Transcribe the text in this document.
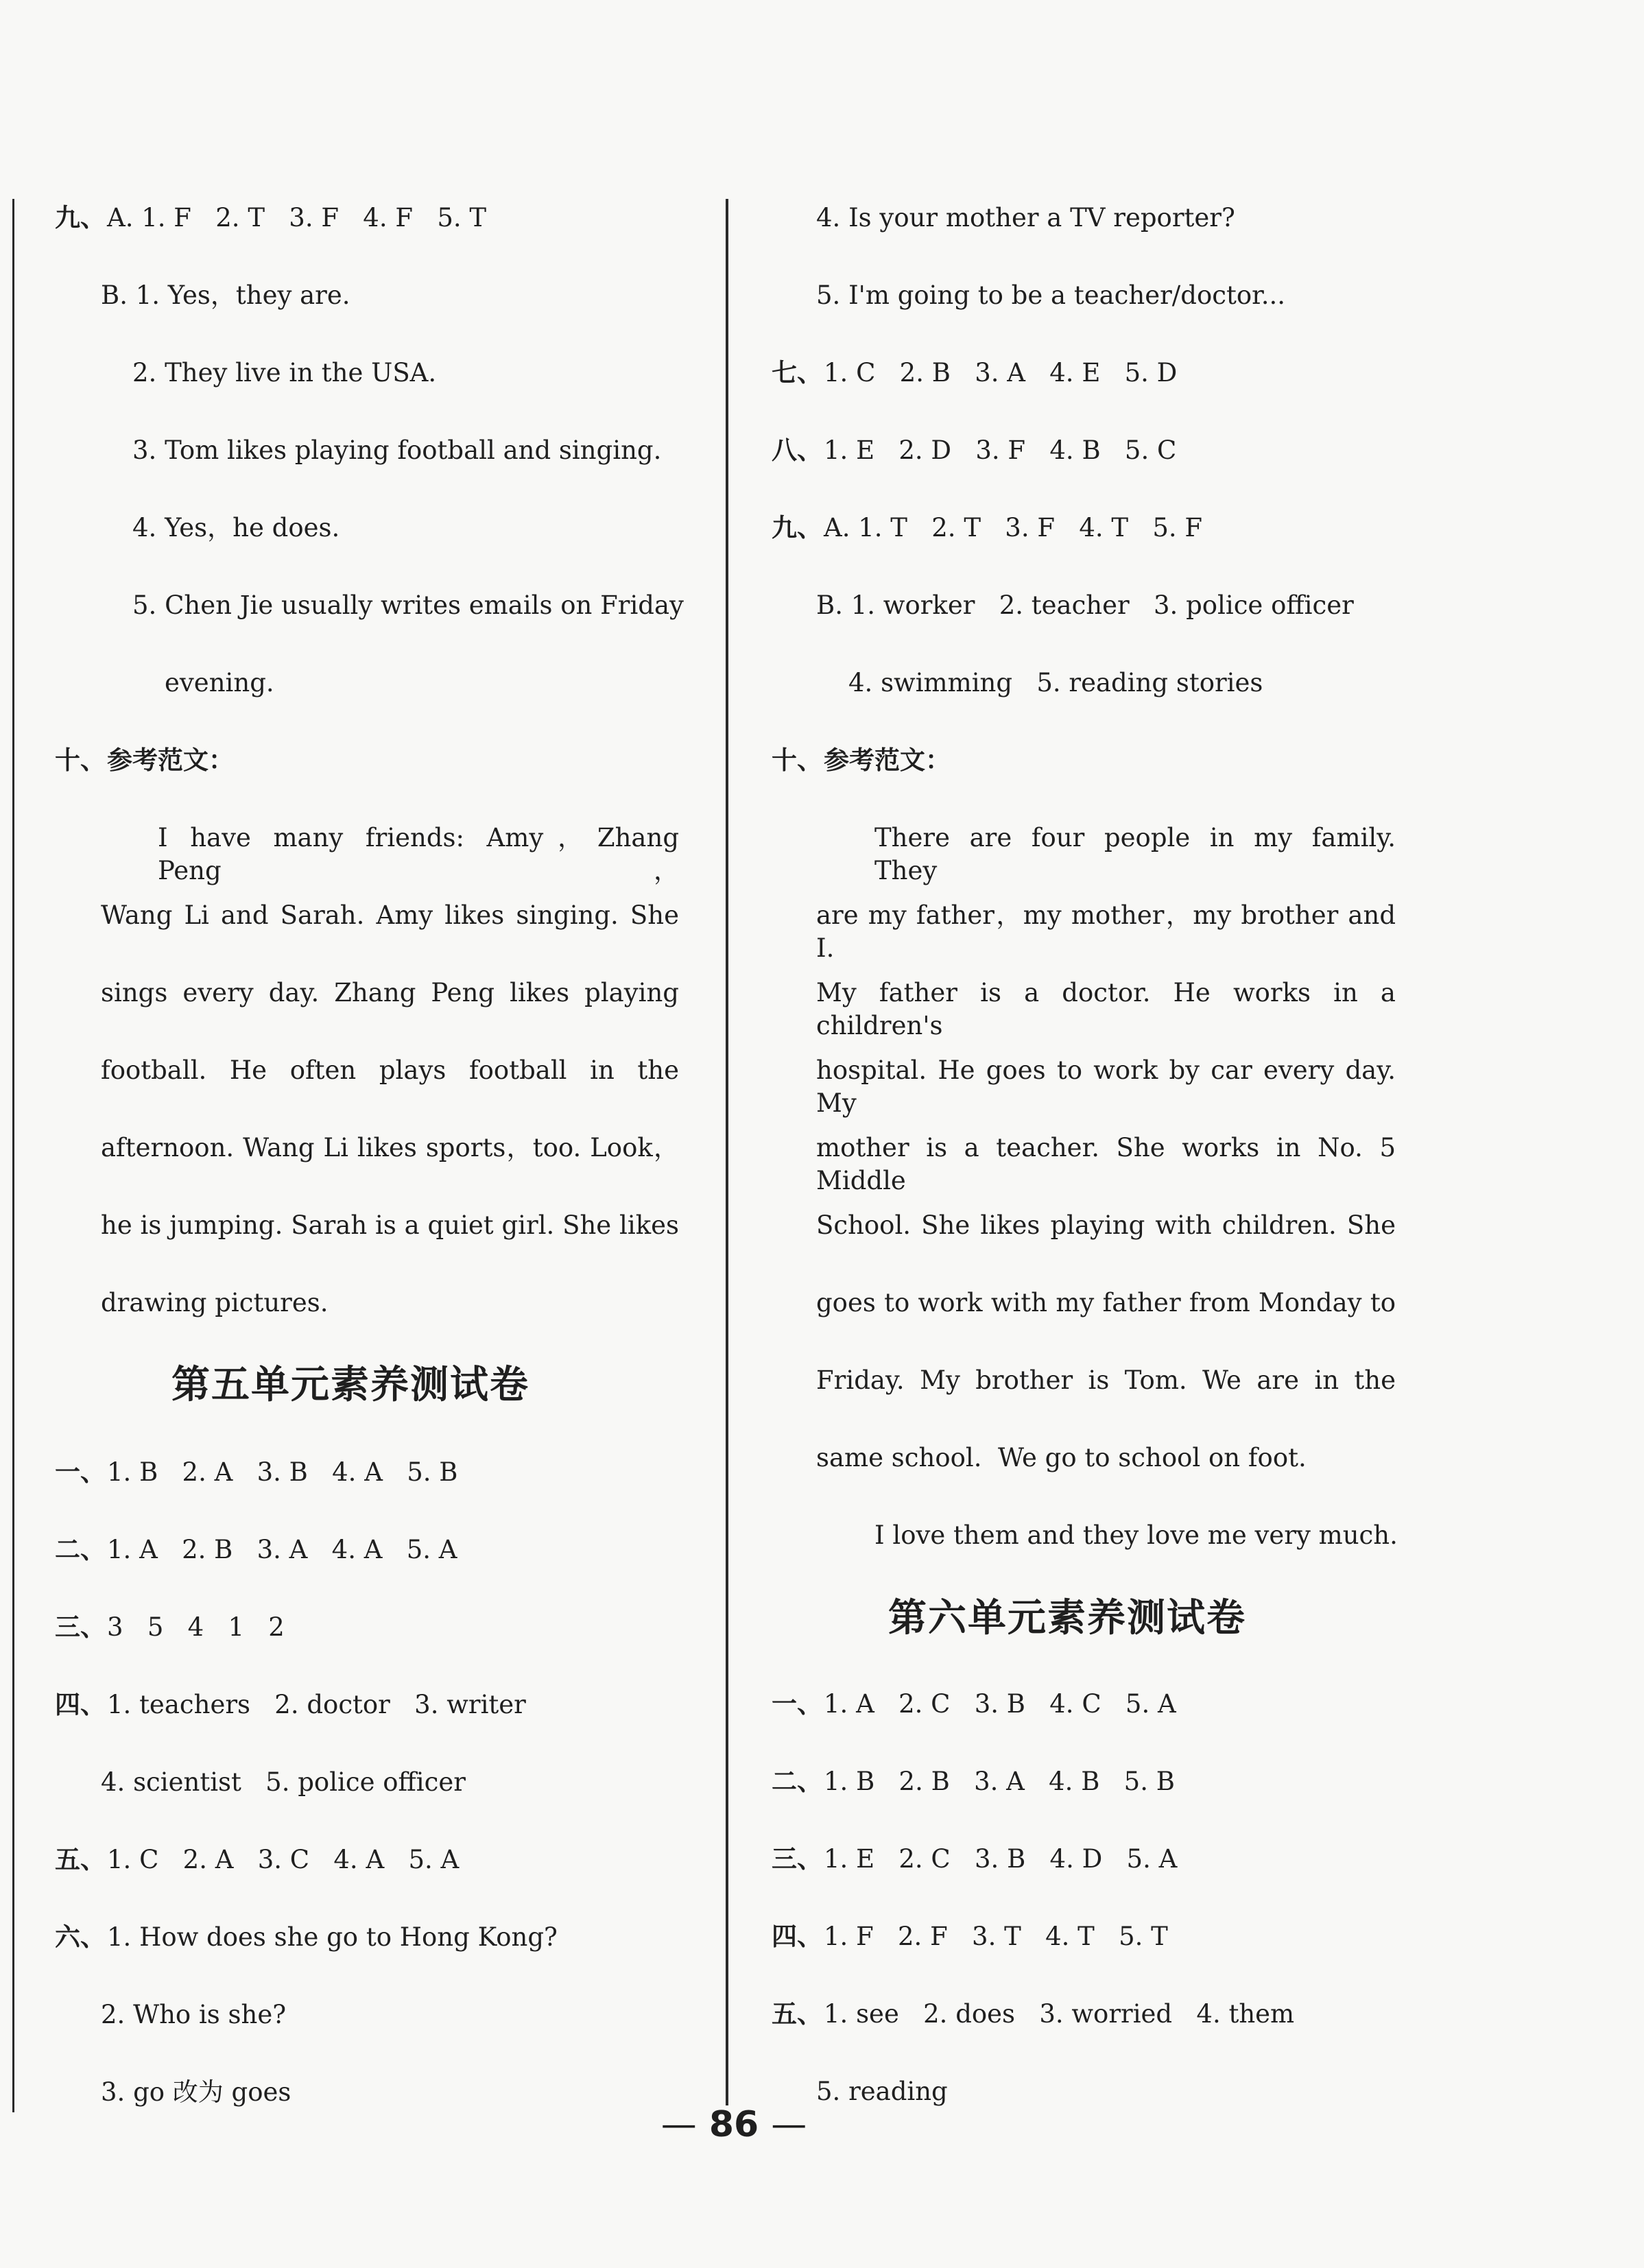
九、A. 1. F   2. T   3. F   4. F   5. T
B. 1. Yes，they are.
2. They live in the USA.
3. Tom likes playing football and singing.
4. Yes，he does.
5. Chen Jie usually writes emails on Friday
evening.
十、参考范文：
I have many friends: Amy，Zhang Peng，
Wang Li and Sarah. Amy likes singing. She
sings every day. Zhang Peng likes playing
football. He often plays football in the
afternoon. Wang Li likes sports，too. Look，
he is jumping. Sarah is a quiet girl. She likes
drawing pictures.
第五单元素养测试卷
一、1. B   2. A   3. B   4. A   5. B
二、1. A   2. B   3. A   4. A   5. A
三、3   5   4   1   2
四、1. teachers   2. doctor   3. writer
4. scientist   5. police officer
五、1. C   2. A   3. C   4. A   5. A
六、1. How does she go to Hong Kong?
2. Who is she?
3. go 改为 goes
4. Is your mother a TV reporter?
5. I'm going to be a teacher/doctor...
七、1. C   2. B   3. A   4. E   5. D
八、1. E   2. D   3. F   4. B   5. C
九、A. 1. T   2. T   3. F   4. T   5. F
B. 1. worker   2. teacher   3. police officer
4. swimming   5. reading stories
十、参考范文：
There are four people in my family. They
are my father，my mother，my brother and I.
My father is a doctor. He works in a children's
hospital. He goes to work by car every day. My
mother is a teacher. She works in No. 5 Middle
School. She likes playing with children. She
goes to work with my father from Monday to
Friday. My brother is Tom. We are in the
same school.  We go to school on foot.
I love them and they love me very much.
第六单元素养测试卷
一、1. A   2. C   3. B   4. C   5. A
二、1. B   2. B   3. A   4. B   5. B
三、1. E   2. C   3. B   4. D   5. A
四、1. F   2. F   3. T   4. T   5. T
五、1. see   2. does   3. worried   4. them
5. reading
— 86 —
